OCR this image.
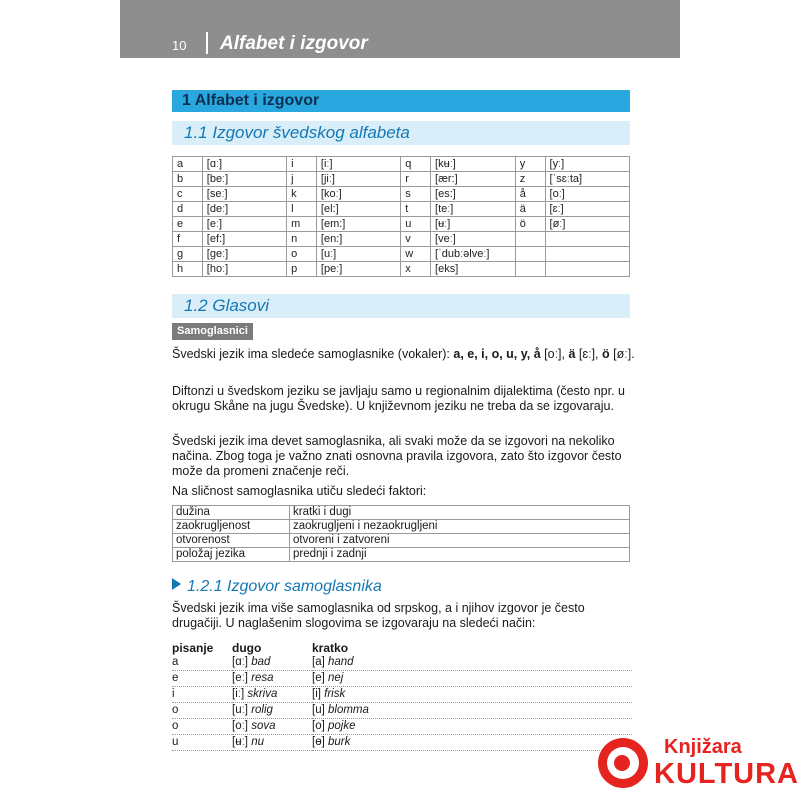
10 Alfabet i izgovor
1 Alfabet i izgovor
1.1 Izgovor švedskog alfabeta
a	[ɑː]	i	[iː]	q	[kʉː]	y	[yː]
b	[beː]	j	[jiː]	r	[ær:]	z	[ˈsɛːta]
c	[seː]	k	[koː]	s	[es:]	å	[oː]
d	[deː]	l	[el:]	t	[teː]	ä	[ɛː]
e	[eː]	m	[em:]	u	[ʉː]	ö	[øː]
f	[ef:]	n	[en:]	v	[veː]		
g	[geː]	o	[uː]	w	[ˈdubːəlveː]		
h	[hoː]	p	[peː]	x	[eks]		
1.2 Glasovi
Samoglasnici

Švedski jezik ima sledeće samoglasnike (vokaler): a, e, i, o, u, y, å [oː], ä [ɛː], ö [øː].

Diftonzi u švedskom jeziku se javljaju samo u regionalnim dijalektima (često npr. u okrugu Skåne na jugu Švedske). U književnom jeziku ne treba da se izgovaraju.

Švedski jezik ima devet samoglasnika, ali svaki može da se izgovori na nekoliko načina. Zbog toga je važno znati osnovna pravila izgovora, zato što izgovor često može da promeni značenje reči.

Na sličnost samoglasnika utiču sledeći faktori:

dužina	kratki i dugi
zaokrugljenost	zaokrugljeni i nezaokrugljeni
otvorenost	otvoreni i zatvoreni
položaj jezika	prednji i zadnji
1.2.1 Izgovor samoglasnika

Švedski jezik ima više samoglasnika od srpskog, a i njihov izgovor je često drugačiji. U naglašenim slogovima se izgovaraju na sledeći način:

pisanje	dugo	kratko
a	[ɑː] bad	[a] hand
e	[eː] resa	[e] nej
i	[iː] skriva	[i] frisk
o	[uː] rolig	[u] blomma
o	[oː] sova	[o] pojke
u	[ʉː] nu	[ɵ] burk	Knjižara
KULTURA
